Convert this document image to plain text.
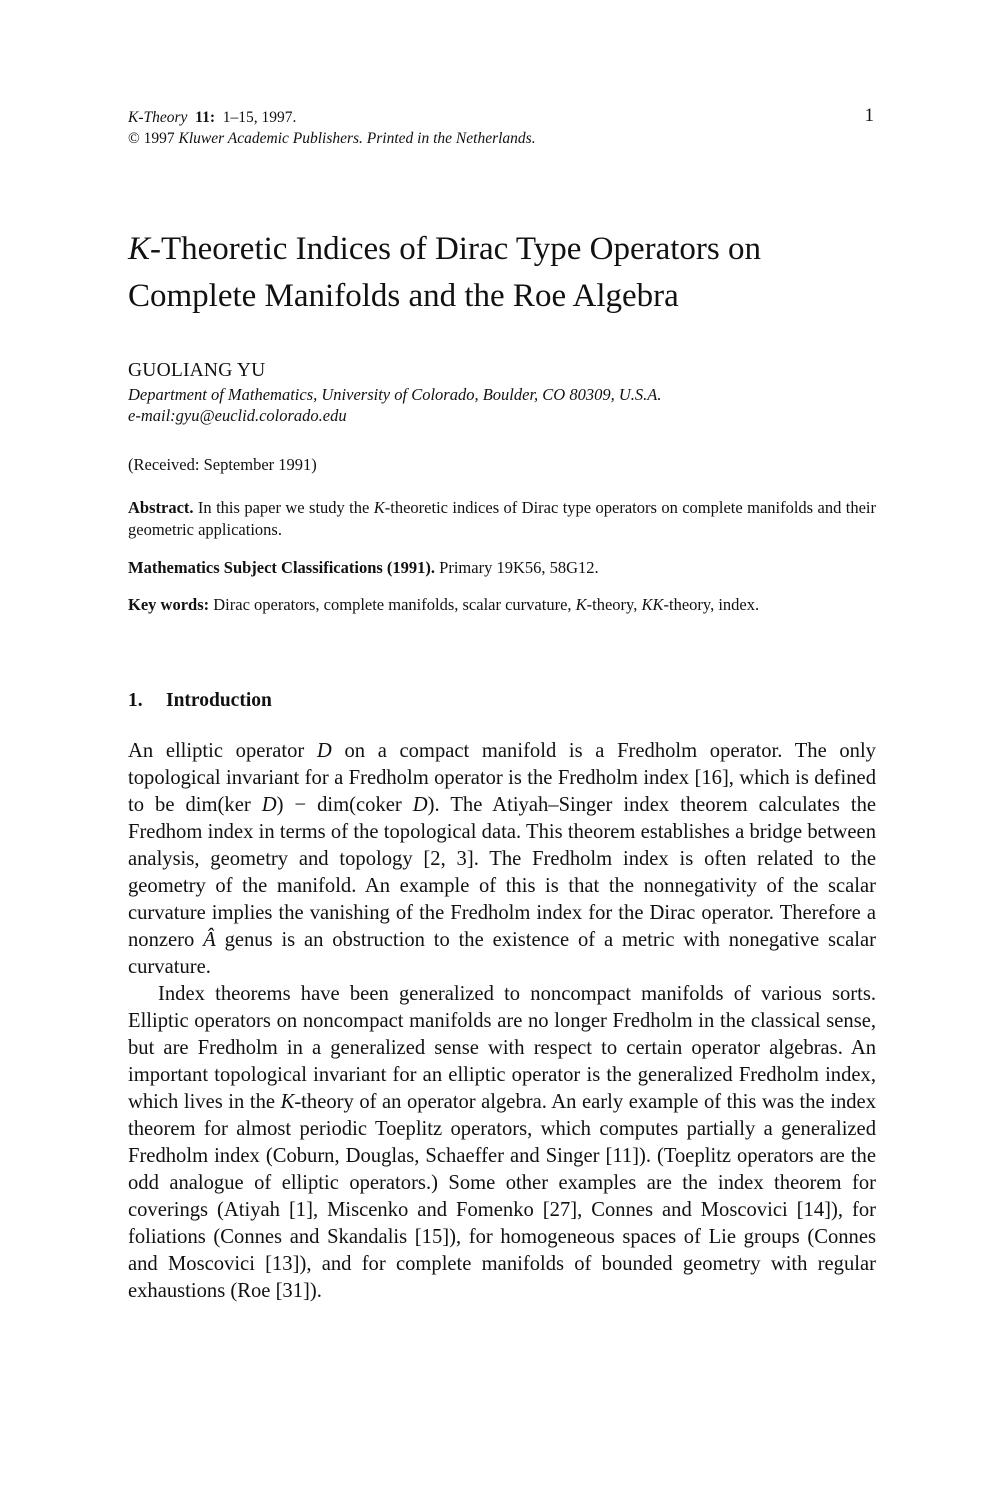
K-Theory 11: 1–15, 1997.
© 1997 Kluwer Academic Publishers. Printed in the Netherlands.
1
K-Theoretic Indices of Dirac Type Operators on
Complete Manifolds and the Roe Algebra
GUOLIANG YU
Department of Mathematics, University of Colorado, Boulder, CO 80309, U.S.A.
e-mail:gyu@euclid.colorado.edu
(Received: September 1991)
Abstract. In this paper we study the K-theoretic indices of Dirac type operators on complete manifolds and their geometric applications.
Mathematics Subject Classifications (1991). Primary 19K56, 58G12.
Key words: Dirac operators, complete manifolds, scalar curvature, K-theory, KK-theory, index.
1. Introduction

An elliptic operator D on a compact manifold is a Fredholm operator. The only topological invariant for a Fredholm operator is the Fredholm index [16], which is defined to be dim(ker D) − dim(coker D). The Atiyah–Singer index theorem calculates the Fredhom index in terms of the topological data. This theorem establishes a bridge between analysis, geometry and topology [2, 3]. The Fredholm index is often related to the geometry of the manifold. An example of this is that the nonnegativity of the scalar curvature implies the vanishing of the Fredholm index for the Dirac operator. Therefore a nonzero Â genus is an obstruction to the existence of a metric with nonegative scalar curvature.

Index theorems have been generalized to noncompact manifolds of various sorts. Elliptic operators on noncompact manifolds are no longer Fredholm in the classical sense, but are Fredholm in a generalized sense with respect to certain operator algebras. An important topological invariant for an elliptic operator is the generalized Fredholm index, which lives in the K-theory of an operator algebra. An early example of this was the index theorem for almost periodic Toeplitz operators, which computes partially a generalized Fredholm index (Coburn, Douglas, Schaeffer and Singer [11]). (Toeplitz operators are the odd analogue of elliptic operators.) Some other examples are the index theorem for coverings (Atiyah [1], Miscenko and Fomenko [27], Connes and Moscovici [14]), for foliations (Connes and Skandalis [15]), for homogeneous spaces of Lie groups (Connes and Moscovici [13]), and for complete manifolds of bounded geometry with regular exhaustions (Roe [31]).
